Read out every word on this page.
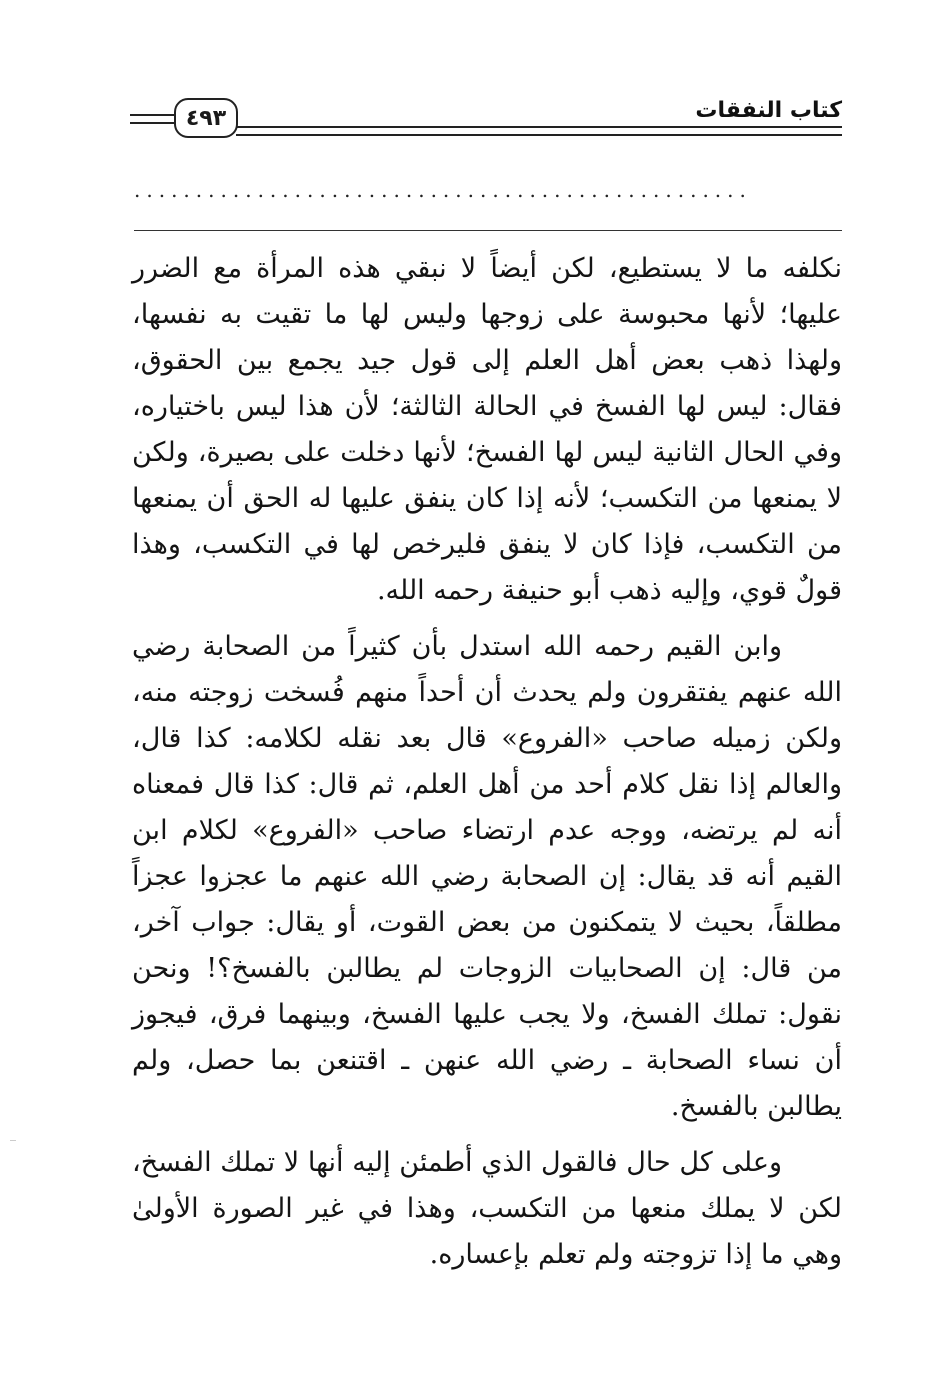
كتاب النفقات
٤٩٣
..................................................

نكلفه ما لا يستطيع، لكن أيضاً لا نبقي هذه المرأة مع الضرر عليها؛ لأنها محبوسة على زوجها وليس لها ما تقيت به نفسها، ولهذا ذهب بعض أهل العلم إلى قول جيد يجمع بين الحقوق، فقال: ليس لها الفسخ في الحالة الثالثة؛ لأن هذا ليس باختياره، وفي الحال الثانية ليس لها الفسخ؛ لأنها دخلت على بصيرة، ولكن لا يمنعها من التكسب؛ لأنه إذا كان ينفق عليها له الحق أن يمنعها من التكسب، فإذا كان لا ينفق فليرخص لها في التكسب، وهذا قولٌ قوي، وإليه ذهب أبو حنيفة رحمه الله.

وابن القيم رحمه الله استدل بأن كثيراً من الصحابة رضي الله عنهم يفتقرون ولم يحدث أن أحداً منهم فُسخت زوجته منه، ولكن زميله صاحب «الفروع» قال بعد نقله لكلامه: كذا قال، والعالم إذا نقل كلام أحد من أهل العلم، ثم قال: كذا قال فمعناه أنه لم يرتضه، ووجه عدم ارتضاء صاحب «الفروع» لكلام ابن القيم أنه قد يقال: إن الصحابة رضي الله عنهم ما عجزوا عجزاً مطلقاً، بحيث لا يتمكنون من بعض القوت، أو يقال: جواب آخر، من قال: إن الصحابيات الزوجات لم يطالبن بالفسخ؟! ونحن نقول: تملك الفسخ، ولا يجب عليها الفسخ، وبينهما فرق، فيجوز أن نساء الصحابة ـ رضي الله عنهن ـ اقتنعن بما حصل، ولم يطالبن بالفسخ.

وعلى كل حال فالقول الذي أطمئن إليه أنها لا تملك الفسخ، لكن لا يملك منعها من التكسب، وهذا في غير الصورة الأولىٰ وهي ما إذا تزوجته ولم تعلم بإعساره.
